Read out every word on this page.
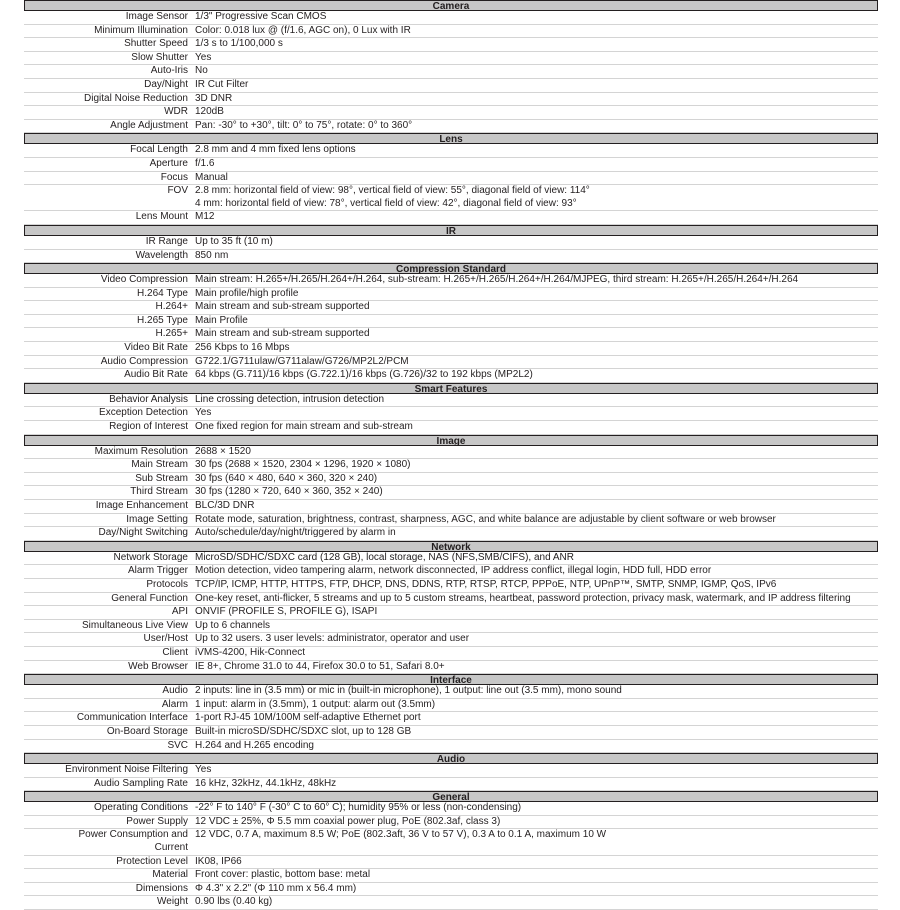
Camera
Image Sensor 1/3" Progressive Scan CMOS
Minimum Illumination Color: 0.018 lux @ (f/1.6, AGC on), 0 Lux with IR
Shutter Speed 1/3 s to 1/100,000 s
Slow Shutter Yes
Auto-Iris No
Day/Night IR Cut Filter
Digital Noise Reduction 3D DNR
WDR 120dB
Angle Adjustment Pan: -30° to +30°, tilt: 0° to 75°, rotate: 0° to 360°
Lens
Focal Length 2.8 mm and 4 mm fixed lens options
Aperture f/1.6
Focus Manual
FOV 2.8 mm: horizontal field of view: 98°, vertical field of view: 55°, diagonal field of view: 114°
4 mm: horizontal field of view: 78°, vertical field of view: 42°, diagonal field of view: 93°
Lens Mount M12
IR
IR Range Up to 35 ft (10 m)
Wavelength 850 nm
Compression Standard
Video Compression Main stream: H.265+/H.265/H.264+/H.264, sub-stream: H.265+/H.265/H.264+/H.264/MJPEG, third stream: H.265+/H.265/H.264+/H.264
H.264 Type Main profile/high profile
H.264+ Main stream and sub-stream supported
H.265 Type Main Profile
H.265+ Main stream and sub-stream supported
Video Bit Rate 256 Kbps to 16 Mbps
Audio Compression G722.1/G711ulaw/G711alaw/G726/MP2L2/PCM
Audio Bit Rate 64 kbps (G.711)/16 kbps (G.722.1)/16 kbps (G.726)/32 to 192 kbps (MP2L2)
Smart Features
Behavior Analysis Line crossing detection, intrusion detection
Exception Detection Yes
Region of Interest One fixed region for main stream and sub-stream
Image
Maximum Resolution 2688 × 1520
Main Stream 30 fps (2688 × 1520, 2304 × 1296, 1920 × 1080)
Sub Stream 30 fps (640 × 480, 640 × 360, 320 × 240)
Third Stream 30 fps (1280 × 720, 640 × 360, 352 × 240)
Image Enhancement BLC/3D DNR
Image Setting Rotate mode, saturation, brightness, contrast, sharpness, AGC, and white balance are adjustable by client software or web browser
Day/Night Switching Auto/schedule/day/night/triggered by alarm in
Network
Network Storage MicroSD/SDHC/SDXC card (128 GB), local storage, NAS (NFS,SMB/CIFS), and ANR
Alarm Trigger Motion detection, video tampering alarm, network disconnected, IP address conflict, illegal login, HDD full, HDD error
Protocols TCP/IP, ICMP, HTTP, HTTPS, FTP, DHCP, DNS, DDNS, RTP, RTSP, RTCP, PPPoE, NTP, UPnP™, SMTP, SNMP, IGMP, QoS, IPv6
General Function One-key reset, anti-flicker, 5 streams and up to 5 custom streams, heartbeat, password protection, privacy mask, watermark, and IP address filtering
API ONVIF (PROFILE S, PROFILE G), ISAPI
Simultaneous Live View Up to 6 channels
User/Host Up to 32 users. 3 user levels: administrator, operator and user
Client iVMS-4200, Hik-Connect
Web Browser IE 8+, Chrome 31.0 to 44, Firefox 30.0 to 51, Safari 8.0+
Interface
Audio 2 inputs: line in (3.5 mm) or mic in (built-in microphone), 1 output: line out (3.5 mm), mono sound
Alarm 1 input: alarm in (3.5mm), 1 output: alarm out (3.5mm)
Communication Interface 1-port RJ-45 10M/100M self-adaptive Ethernet port
On-Board Storage Built-in microSD/SDHC/SDXC slot, up to 128 GB
SVC H.264 and H.265 encoding
Audio
Environment Noise Filtering Yes
Audio Sampling Rate 16 kHz, 32kHz, 44.1kHz, 48kHz
General
Operating Conditions -22° F to 140° F (-30° C to 60° C); humidity 95% or less (non-condensing)
Power Supply 12 VDC ± 25%, Φ 5.5 mm coaxial power plug, PoE (802.3af, class 3)
Power Consumption and
Current
12 VDC, 0.7 A, maximum 8.5 W; PoE (802.3aft, 36 V to 57 V), 0.3 A to 0.1 A, maximum 10 W
Protection Level IK08, IP66
Material Front cover: plastic, bottom base: metal
Dimensions Φ 4.3" x 2.2" (Φ 110 mm x 56.4 mm)
Weight 0.90 lbs (0.40 kg)
